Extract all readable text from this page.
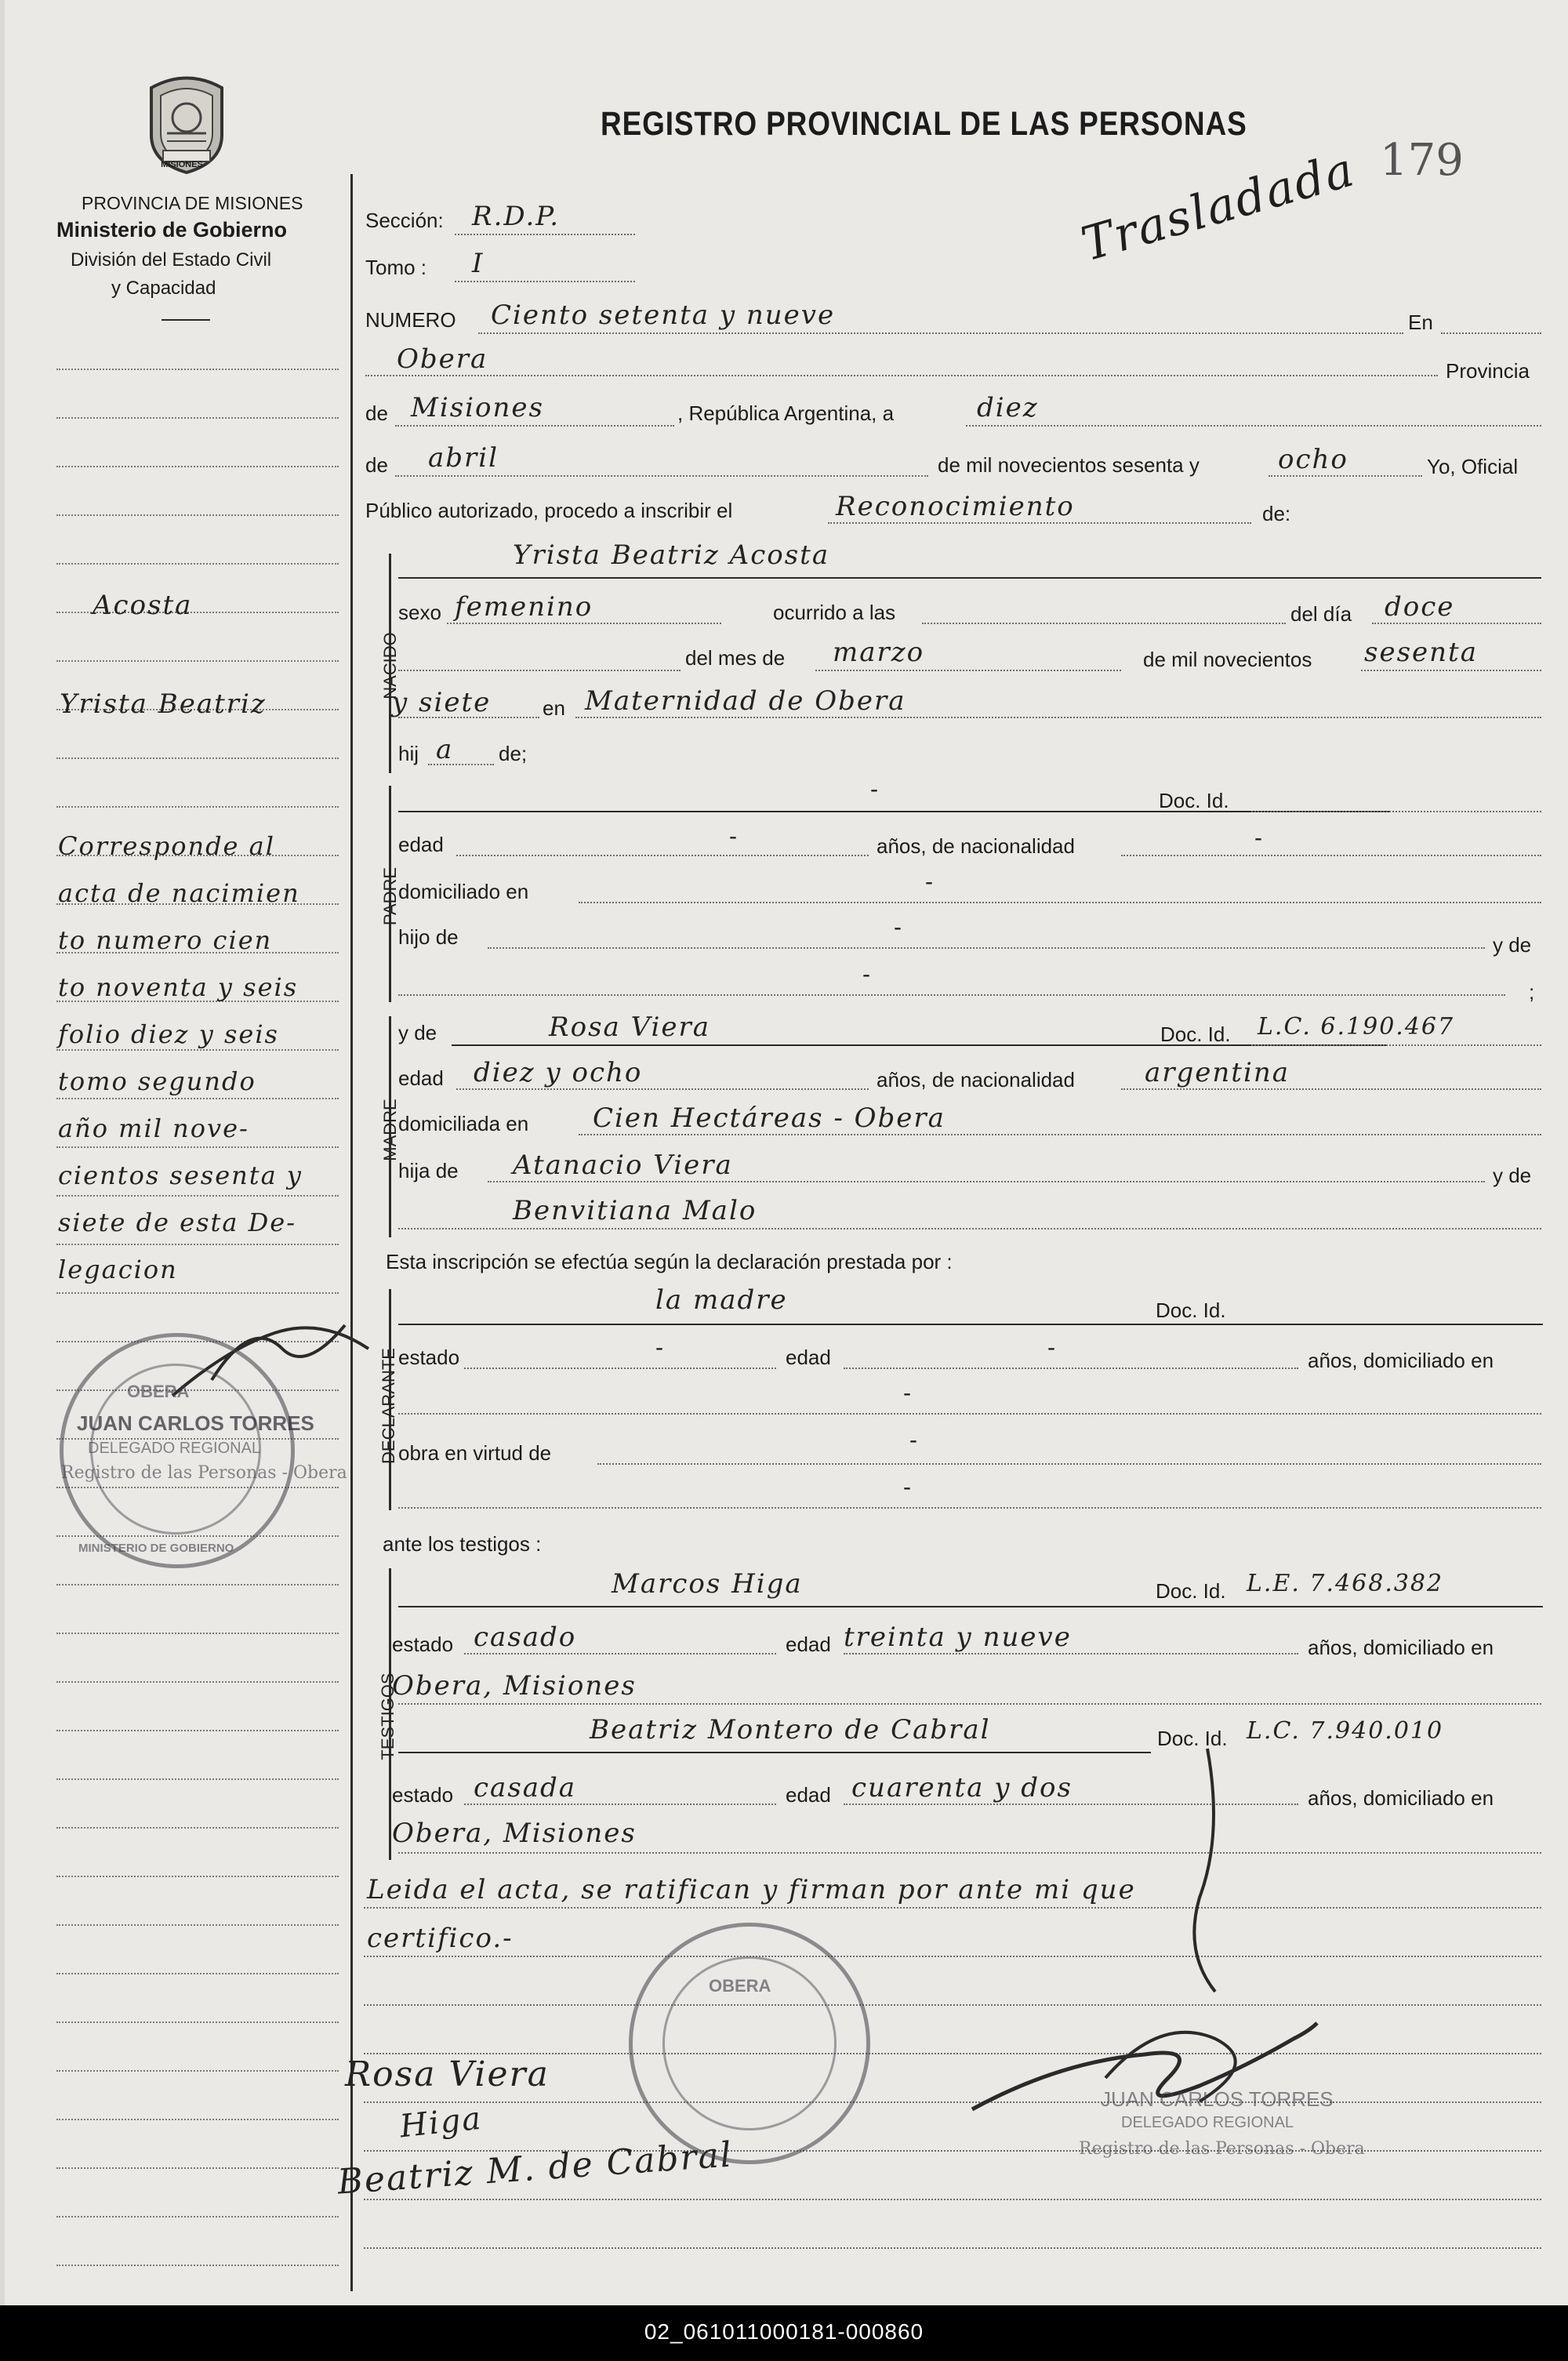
MISIONES
PROVINCIA DE MISIONES
Ministerio de Gobierno
División del Estado Civil
y Capacidad
REGISTRO PROVINCIAL DE LAS PERSONAS
179
Trasladada
Acosta
Yrista Beatriz
Corresponde al
acta de nacimien
to numero cien
to noventa y seis
folio diez y seis
tomo segundo
año mil nove-
cientos sesenta y
siete de esta De-
legacion
Sección: R.D.P.
Tomo : I
NUMERO Ciento setenta y nueve	En
Obera	Provincia
de Misiones	, República Argentina, a	diez
de abril	de mil novecientos sesenta y	ocho	Yo, Oficial
Público autorizado, procedo a inscribir el	Reconocimiento	de:
NACIDO
Yrista Beatriz Acosta
sexo femenino	ocurrido a las	del día doce
del mes de marzo	de mil novecientos sesenta
y siete	en Maternidad de Obera
hij a de;
PADRE
-	Doc. Id.
edad	-	años, de nacionalidad	-
domiciliado en	-
hijo de	-
y de
-
;
MADRE
y de	Rosa Viera	Doc. Id. L.C. 6.190.467
edad diez y ocho	años, de nacionalidad	argentina
domiciliada en Cien Hectáreas - Obera
hija de Atanacio Viera	y de
Benvitiana Malo
Esta inscripción se efectúa según la declaración prestada por :
DECLARANTE
la madre	Doc. Id.
estado	-	edad	-	años, domiciliado en
-
obra en virtud de	-
-
ante los testigos :
TESTIGOS
Marcos Higa	Doc. Id. L.E. 7.468.382
estado casado	edad treinta y nueve	años, domiciliado en
Obera, Misiones
Beatriz Montero de Cabral	Doc. Id. L.C. 7.940.010
estado casada	edad cuarenta y dos	años, domiciliado en
Obera, Misiones
Leida el acta, se ratifican y firman por ante mi que
certifico.-
Rosa Viera
Higa
Beatriz M. de Cabral
OBERA
MINISTERIO DE GOBIERNO
JUAN CARLOS TORRES
DELEGADO REGIONAL
Registro de las Personas - Obera
OBERA
JUAN CARLOS TORRES
DELEGADO REGIONAL
Registro de las Personas - Obera
02_061011000181-000860
